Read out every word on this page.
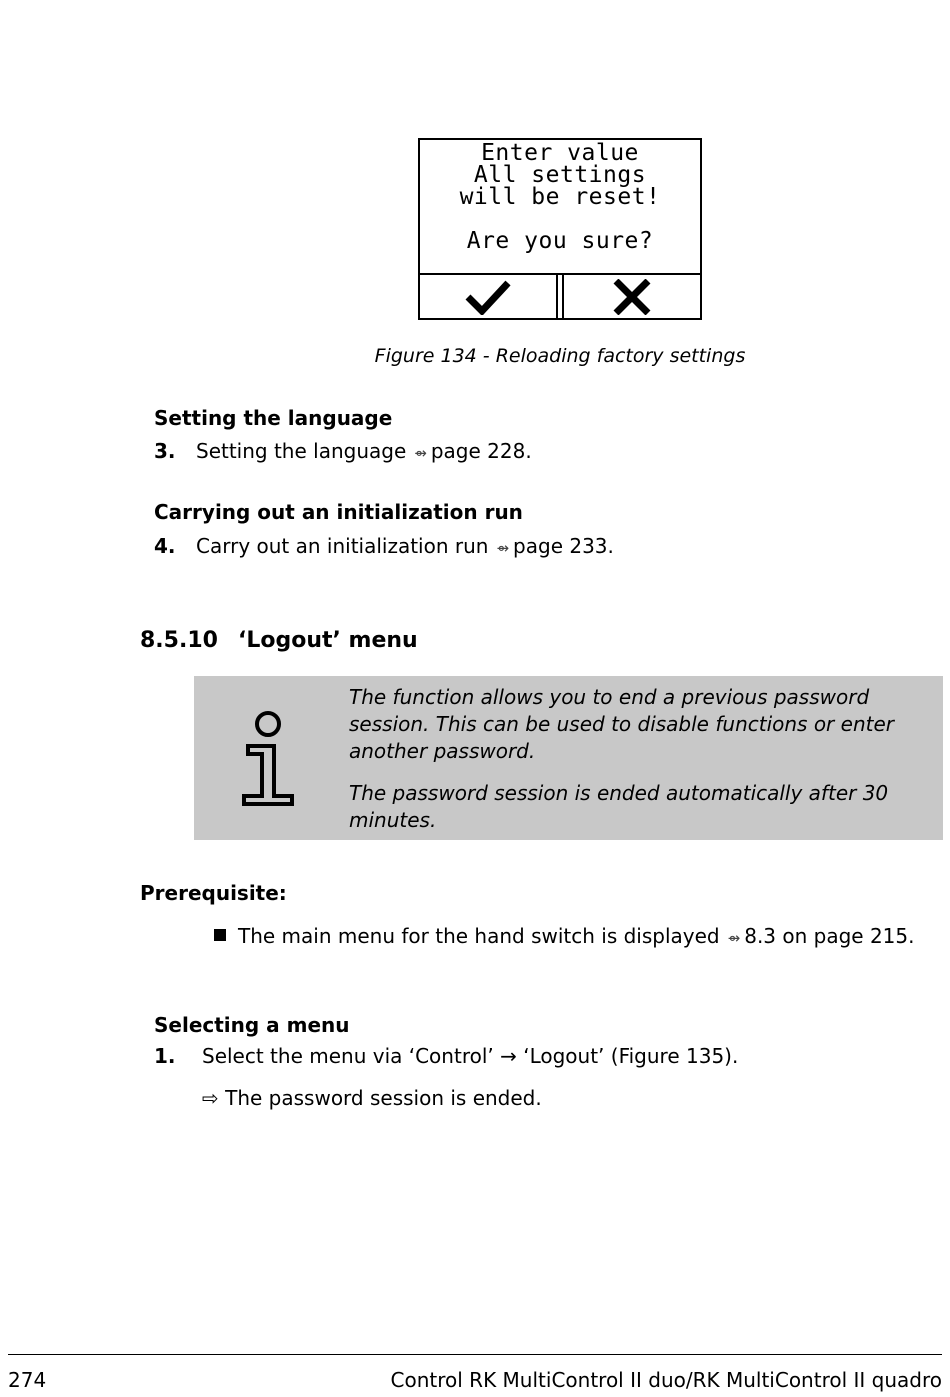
Enter value
All settings
will be reset!
Are you sure?
Figure 134 - Reloading factory settings
Setting the language
3. Setting the language ⇴ page 228.
Carrying out an initialization run
4. Carry out an initialization run ⇴ page 233.
8.5.10 ‘Logout’ menu
The function allows you to end a previous password session. This can be used to disable functions or enter another password.
The password session is ended automatically after 30 minutes.
Prerequisite:
The main menu for the hand switch is displayed ⇴ 8.3 on page 215.
Selecting a menu
1. Select the menu via ‘Control’ → ‘Logout’ (Figure 135).
⇨ The password session is ended.
274	Control RK MultiControl II duo/RK MultiControl II quadro
